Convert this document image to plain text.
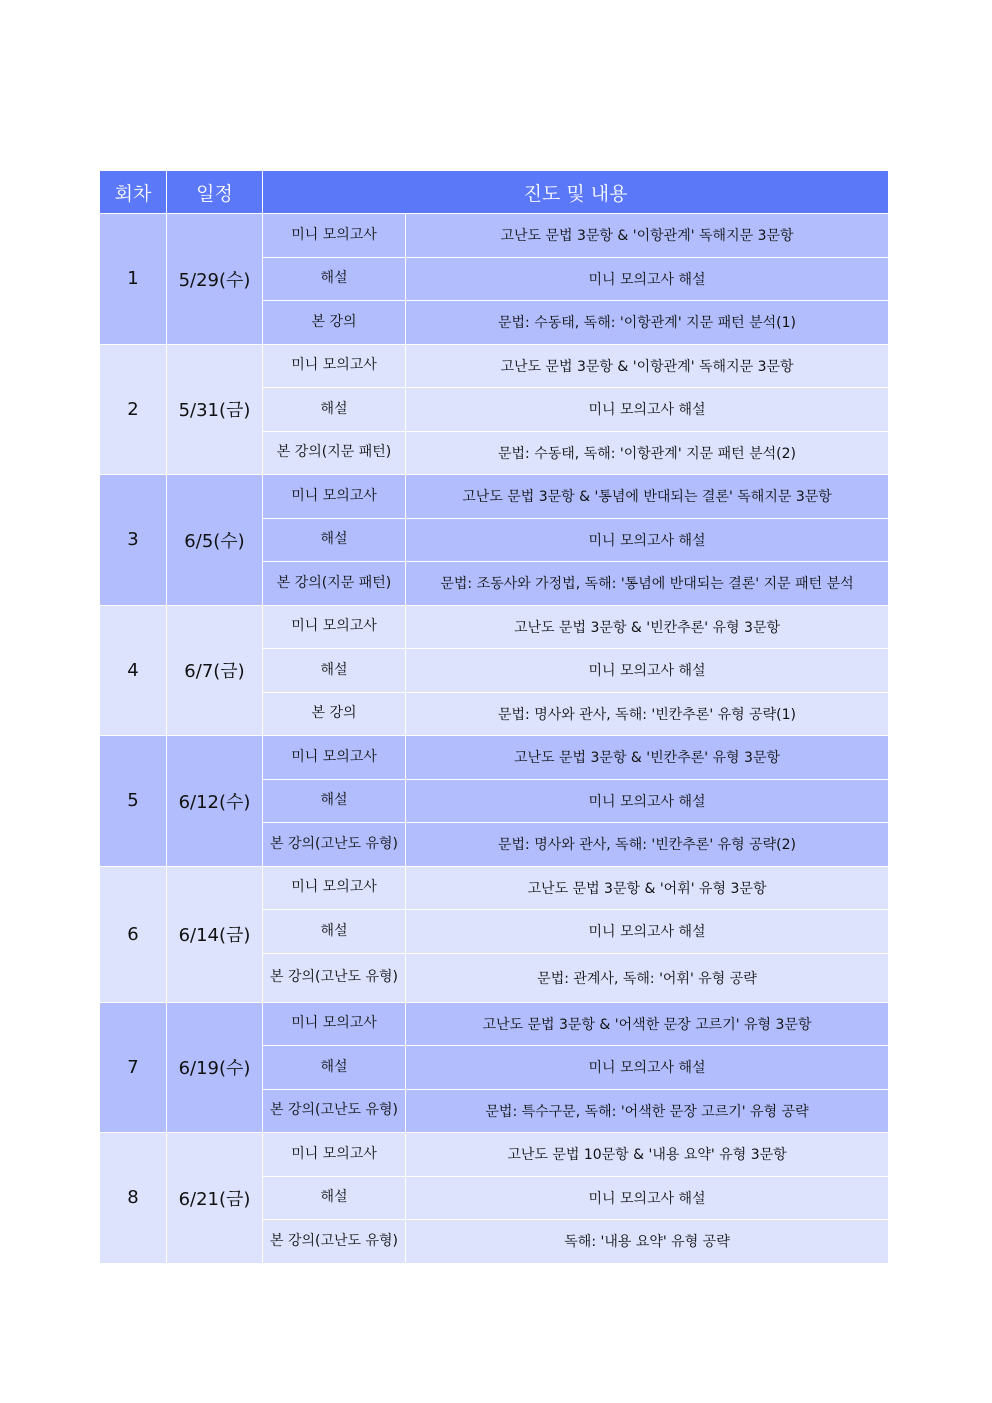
회차	일정	진도 및 내용	
1	5/29(수)	미니 모의고사	고난도 문법 3문항 & '이항관계' 독해지문 3문항
		해설	미니 모의고사 해설
		본 강의	문법: 수동태, 독해: '이항관계' 지문 패턴 분석(1)
2	5/31(금)	미니 모의고사	고난도 문법 3문항 & '이항관계' 독해지문 3문항
		해설	미니 모의고사 해설
		본 강의(지문 패턴)	문법: 수동태, 독해: '이항관계' 지문 패턴 분석(2)
3	6/5(수)	미니 모의고사	고난도 문법 3문항 & '통념에 반대되는 결론' 독해지문 3문항
		해설	미니 모의고사 해설
		본 강의(지문 패턴)	문법: 조동사와 가정법, 독해: '통념에 반대되는 결론' 지문 패턴 분석
4	6/7(금)	미니 모의고사	고난도 문법 3문항 & '빈칸추론' 유형 3문항
		해설	미니 모의고사 해설
		본 강의	문법: 명사와 관사, 독해: '빈칸추론' 유형 공략(1)
5	6/12(수)	미니 모의고사	고난도 문법 3문항 & '빈칸추론' 유형 3문항
		해설	미니 모의고사 해설
		본 강의(고난도 유형)	문법: 명사와 관사, 독해: '빈칸추론' 유형 공략(2)
6	6/14(금)	미니 모의고사	고난도 문법 3문항 & '어휘' 유형 3문항
		해설	미니 모의고사 해설
		본 강의(고난도 유형)	문법: 관계사, 독해: '어휘' 유형 공략
7	6/19(수)	미니 모의고사	고난도 문법 3문항 & '어색한 문장 고르기' 유형 3문항
		해설	미니 모의고사 해설
		본 강의(고난도 유형)	문법: 특수구문, 독해: '어색한 문장 고르기' 유형 공략
8	6/21(금)	미니 모의고사	고난도 문법 10문항 & '내용 요약' 유형 3문항
		해설	미니 모의고사 해설
		본 강의(고난도 유형)	독해: '내용 요약' 유형 공략
